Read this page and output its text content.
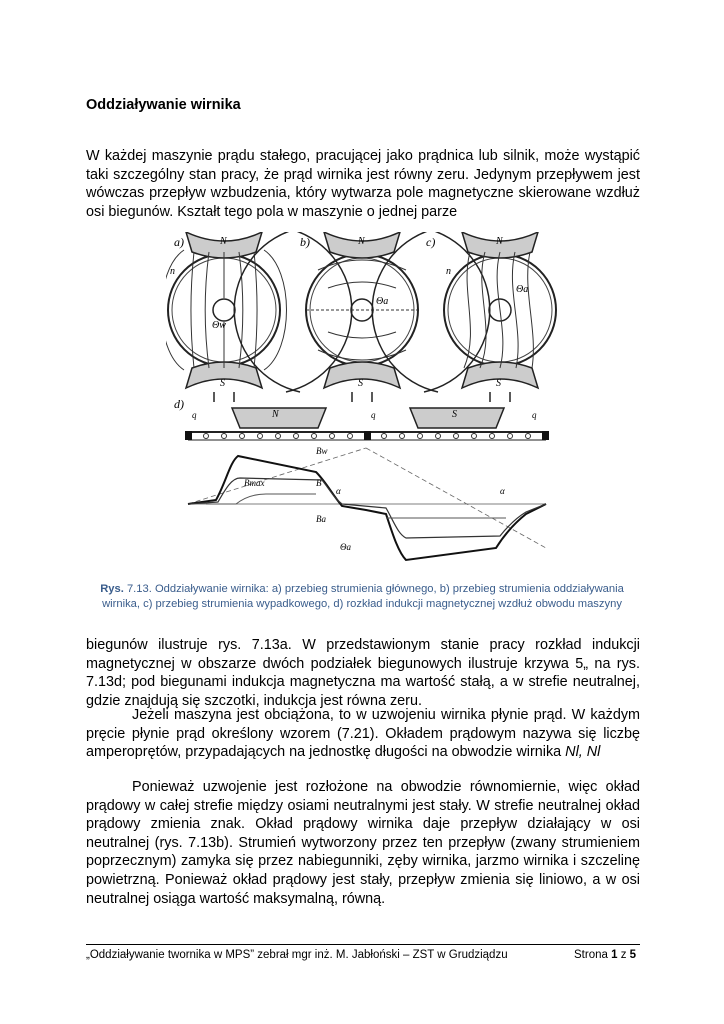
Oddziaływanie wirnika

W każdej maszynie prądu stałego, pracującej jako prądnica lub silnik, może wystąpić taki szczególny stan pracy, że prąd wirnika jest równy zeru. Jedynym przepływem jest wówczas przepływ wzbudzenia, który wytwarza pole magnetyczne skierowane wzdłuż osi biegunów. Kształt tego pola w maszynie o jednej parze

a)	b)	c)
N	N	N
S	S	S
n	n
Θw
Θa
Θa
d)
N	S
q	q	q
Bw
Bmax	B
Ba
Θa
α	α
Rys. 7.13. Oddziaływanie wirnika: a) przebieg strumienia głównego, b) przebieg strumienia oddziaływania wirnika, c) przebieg strumienia wypadkowego, d) rozkład indukcji magnetycznej wzdłuż obwodu maszyny

biegunów ilustruje rys. 7.13a. W przedstawionym stanie pracy rozkład indukcji magnetycznej w obszarze dwóch podziałek biegunowych ilustruje krzywa 5„ na rys. 7.13d; pod biegunami indukcja magnetyczna ma wartość stałą, a w strefie neutralnej, gdzie znajdują się szczotki, indukcja jest równa zeru.

Jeżeli maszyna jest obciążona, to w uzwojeniu wirnika płynie prąd. W każdym pręcie płynie prąd określony wzorem (7.21). Okładem prądowym nazywa się liczbę amperoprętów, przypadających na jednostkę długości na obwodzie wirnika Nl, Nl

Ponieważ uzwojenie jest rozłożone na obwodzie równomiernie, więc okład prądowy w całej strefie między osiami neutralnymi jest stały. W strefie neutralnej okład prądowy zmienia znak. Okład prądowy wirnika daje przepływ działający w osi neutralnej (rys. 7.13b). Strumień wytworzony przez ten przepływ (zwany strumieniem poprzecznym) zamyka się przez nabiegunniki, zęby wirnika, jarzmo wirnika i szczelinę powietrzną. Ponieważ okład prądowy jest stały, przepływ zmienia się liniowo, a w osi neutralnej osiąga wartość maksymalną, równą.

„Oddziaływanie twornika w MPS” zebrał mgr inż. M. Jabłoński – ZST w Grudziądzu	Strona 1 z 5
